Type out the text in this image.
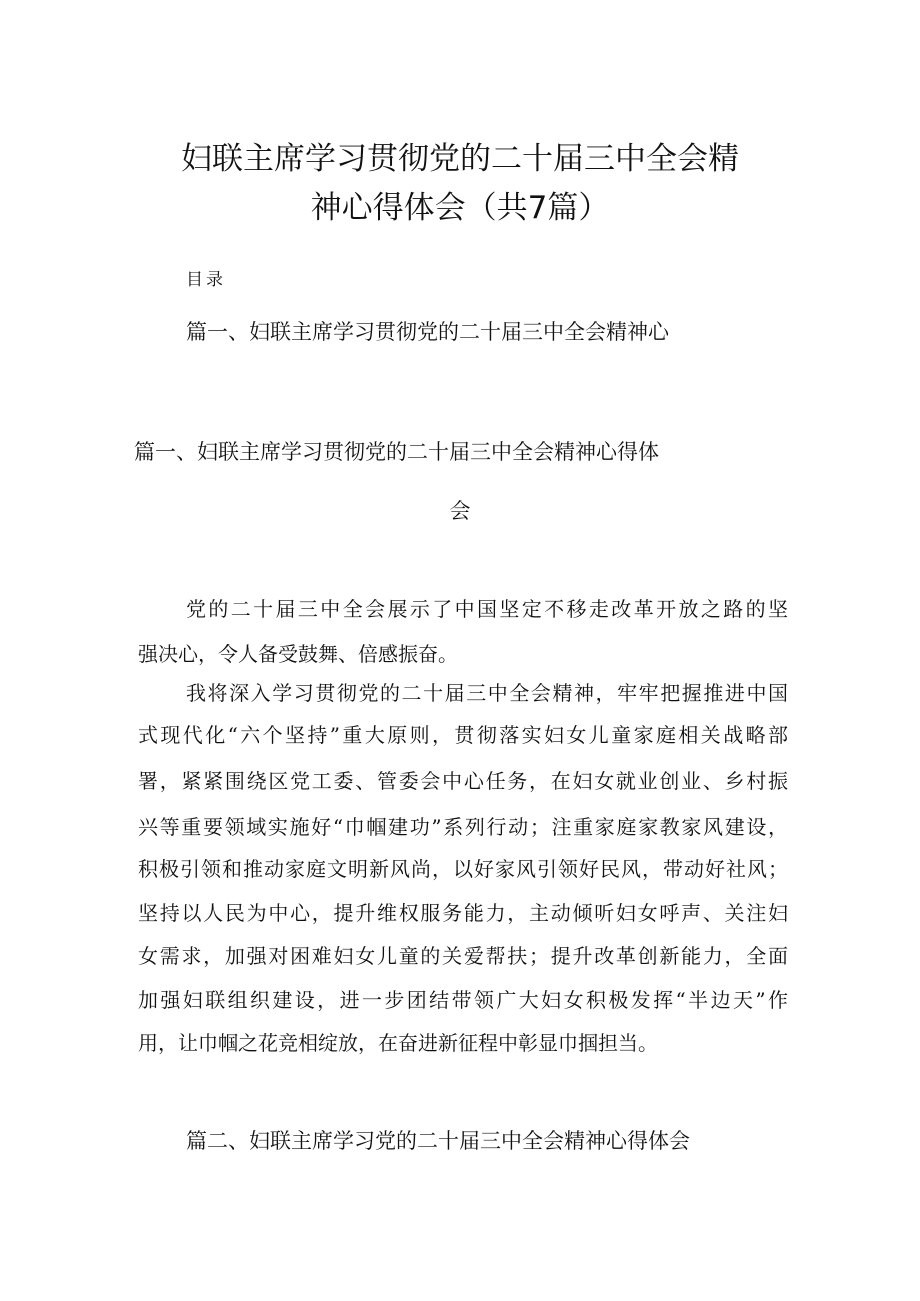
妇联主席学习贯彻党的二十届三中全会精
神心得体会（共7篇）
目录
篇一、妇联主席学习贯彻党的二十届三中全会精神心
篇一、妇联主席学习贯彻党的二十届三中全会精神心得体
会
党的二十届三中全会展示了中国坚定不移走改革开放之路的坚
强决心，令人备受鼓舞、倍感振奋。
我将深入学习贯彻党的二十届三中全会精神，牢牢把握推进中国
式现代化“六个坚持”重大原则，贯彻落实妇女儿童家庭相关战略部
署，紧紧围绕区党工委、管委会中心任务，在妇女就业创业、乡村振
兴等重要领域实施好“巾帼建功”系列行动；注重家庭家教家风建设，
积极引领和推动家庭文明新风尚，以好家风引领好民风，带动好社风；
坚持以人民为中心，提升维权服务能力，主动倾听妇女呼声、关注妇
女需求，加强对困难妇女儿童的关爱帮扶；提升改革创新能力，全面
加强妇联组织建设，进一步团结带领广大妇女积极发挥“半边天”作
用，让巾帼之花竞相绽放，在奋进新征程中彰显巾掴担当。
篇二、妇联主席学习党的二十届三中全会精神心得体会
